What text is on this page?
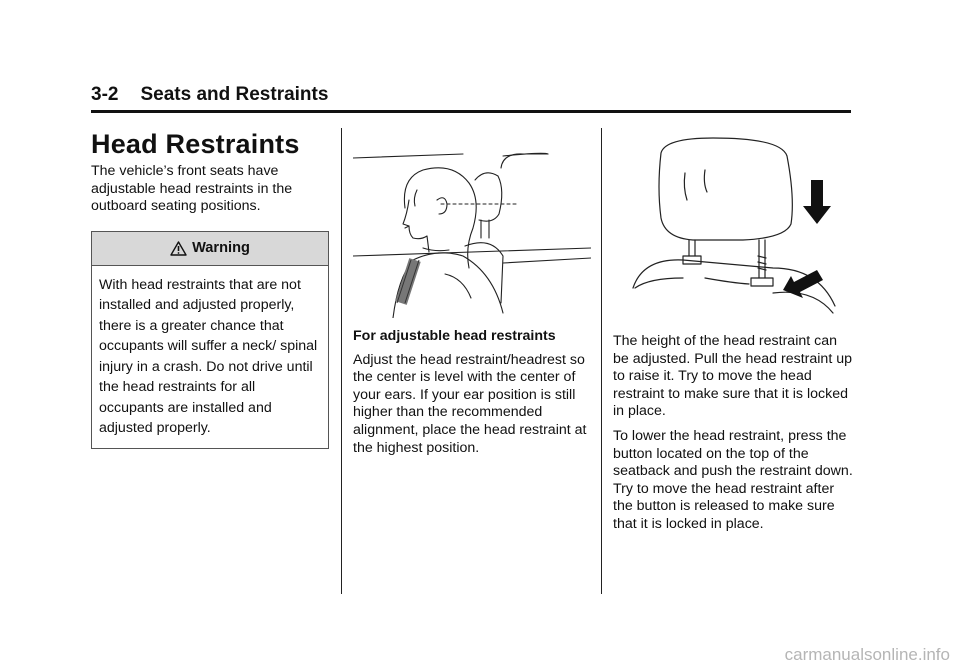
3-2 Seats and Restraints
Head Restraints

The vehicle’s front seats have adjustable head restraints in the outboard seating positions.

Warning
With head restraints that are not installed and adjusted properly, there is a greater chance that occupants will suffer a neck/ spinal injury in a crash. Do not drive until the head restraints for all occupants are installed and adjusted properly.

For adjustable head restraints

Adjust the head restraint/headrest so the center is level with the center of your ears. If your ear position is still higher than the recommended alignment, place the head restraint at the highest position.

The height of the head restraint can be adjusted. Pull the head restraint up to raise it. Try to move the head restraint to make sure that it is locked in place.

To lower the head restraint, press the button located on the top of the seatback and push the restraint down. Try to move the head restraint after the button is released to make sure that it is locked in place.

carmanualsonline.info
